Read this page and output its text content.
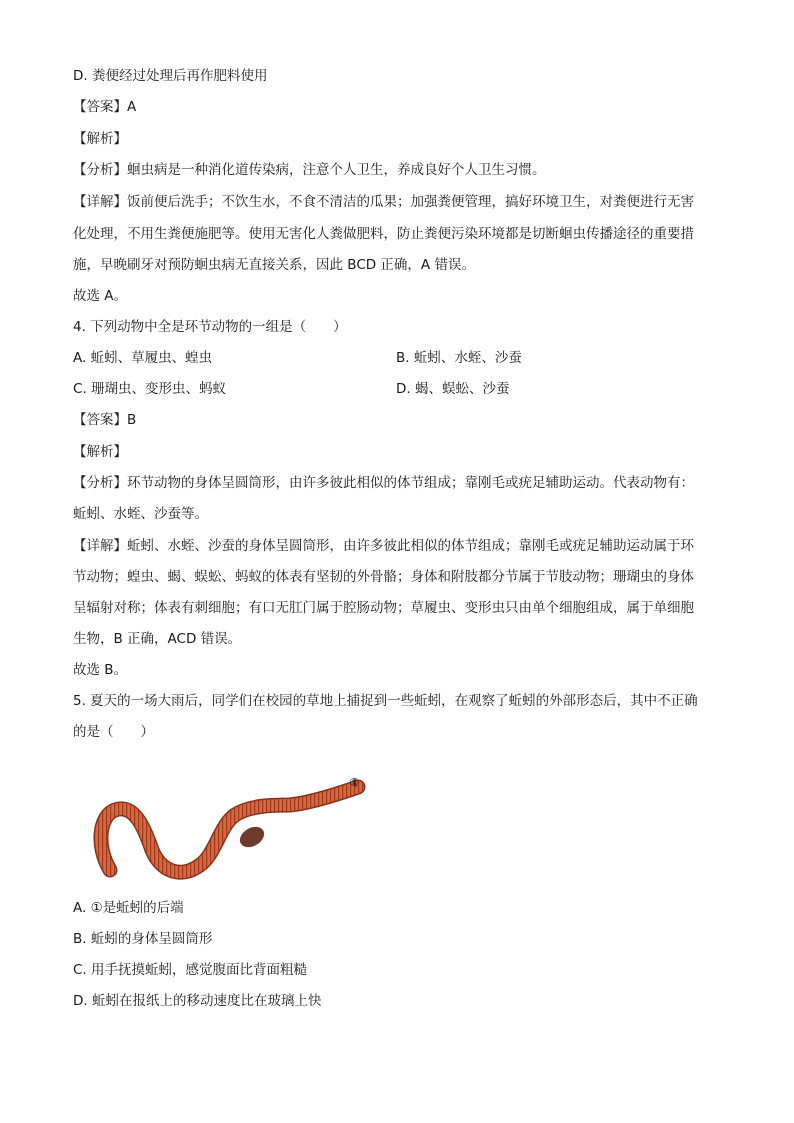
D. 粪便经过处理后再作肥料使用
【答案】A
【解析】
【分析】蛔虫病是一种消化道传染病，注意个人卫生，养成良好个人卫生习惯。
【详解】饭前便后洗手；不饮生水，不食不清洁的瓜果；加强粪便管理，搞好环境卫生，对粪便进行无害
化处理，不用生粪便施肥等。使用无害化人粪做肥料，防止粪便污染环境都是切断蛔虫传播途径的重要措
施，早晚刷牙对预防蛔虫病无直接关系，因此 BCD 正确，A 错误。
故选 A。
4. 下列动物中全是环节动物的一组是（　　）
A. 蚯蚓、草履虫、蝗虫	B. 蚯蚓、水蛭、沙蚕
C. 珊瑚虫、变形虫、蚂蚁	D. 蝎、蜈蚣、沙蚕
【答案】B
【解析】
【分析】环节动物的身体呈圆筒形，由许多彼此相似的体节组成；靠刚毛或疣足辅助运动。代表动物有：
蚯蚓、水蛭、沙蚕等。
【详解】蚯蚓、水蛭、沙蚕的身体呈圆筒形，由许多彼此相似的体节组成；靠刚毛或疣足辅助运动属于环
节动物；蝗虫、蝎、蜈蚣、蚂蚁的体表有坚韧的外骨骼；身体和附肢都分节属于节肢动物；珊瑚虫的身体
呈辐射对称；体表有刺细胞；有口无肛门属于腔肠动物；草履虫、变形虫只由单个细胞组成，属于单细胞
生物，B 正确，ACD 错误。
故选 B。
5. 夏天的一场大雨后，同学们在校园的草地上捕捉到一些蚯蚓，在观察了蚯蚓的外部形态后，其中不正确
的是（　　）
①
A. ①是蚯蚓的后端
B. 蚯蚓的身体呈圆筒形
C. 用手抚摸蚯蚓，感觉腹面比背面粗糙
D. 蚯蚓在报纸上的移动速度比在玻璃上快
